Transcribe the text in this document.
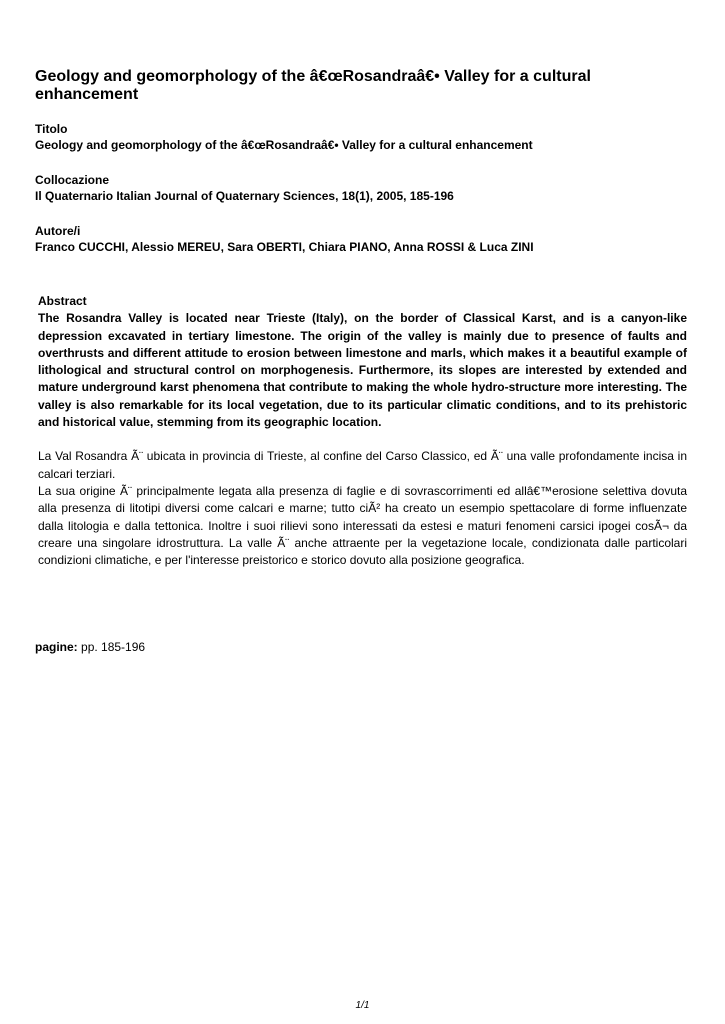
Geology and geomorphology of the â€œRosandraâ€• Valley for a cultural enhancement
Titolo
Geology and geomorphology of the â€œRosandraâ€• Valley for a cultural enhancement
Collocazione
Il Quaternario Italian Journal of Quaternary Sciences, 18(1), 2005, 185-196
Autore/i
Franco CUCCHI, Alessio MEREU, Sara OBERTI, Chiara PIANO, Anna ROSSI & Luca ZINI
Abstract

The Rosandra Valley is located near Trieste (Italy), on the border of Classical Karst, and is a canyon-like depression excavated in tertiary limestone. The origin of the valley is mainly due to presence of faults and overthrusts and different attitude to erosion between limestone and marls, which makes it a beautiful example of lithological and structural control on morphogenesis. Furthermore, its slopes are interested by extended and mature underground karst phenomena that contribute to making the whole hydro-structure more interesting. The valley is also remarkable for its local vegetation, due to its particular climatic conditions, and to its prehistoric and historical value, stemming from its geographic location.

La Val Rosandra Ã¨ ubicata in provincia di Trieste, al confine del Carso Classico, ed Ã¨ una valle profondamente incisa in calcari terziari.

La sua origine Ã¨ principalmente legata alla presenza di faglie e di sovrascorrimenti ed allâ€™erosione selettiva dovuta alla presenza di litotipi diversi come calcari e marne; tutto ciÃ² ha creato un esempio spettacolare di forme influenzate dalla litologia e dalla tettonica. Inoltre i suoi rilievi sono interessati da estesi e maturi fenomeni carsici ipogei cosÃ¬ da creare una singolare idrostruttura. La valle Ã¨ anche attraente per la vegetazione locale, condizionata dalle particolari condizioni climatiche, e per l'interesse preistorico e storico dovuto alla posizione geografica.

pagine: pp. 185-196
1/1
